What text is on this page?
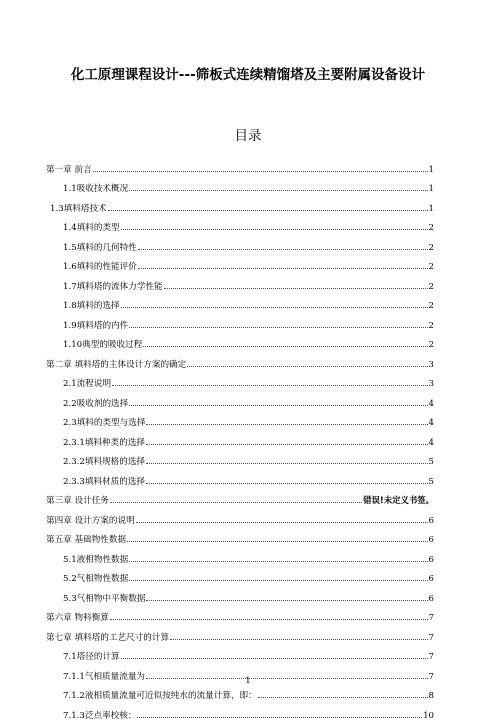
化工原理课程设计---筛板式连续精馏塔及主要附属设备设计
目录
第一章 前言	1
1.1吸收技术概况	1
1.3填料塔技术	1
1.4填料的类型	2
1.5填料的几何特性	2
1.6填料的性能评价	2
1.7填料塔的流体力学性能	2
1.8填料的选择	2
1.9填料塔的内件	2
1.10典型的吸收过程	2
第二章 填料塔的主体设计方案的确定	3
2.1流程说明	3
2.2吸收剂的选择	4
2.3填料的类型与选择	4
2.3.1填料种类的选择	4
2.3.2填料规格的选择	5
2.3.3填料材质的选择	5
第三章 设计任务	错误!未定义书签。
第四章 设计方案的说明	6
第五章 基础物性数据	6
5.1液相物性数据	6
5.2气相物性数据	6
5.3气相物中平衡数据	6
第六章 物料衡算	7
第七章 填料塔的工艺尺寸的计算	7
7.1塔径的计算	7
7.1.1气相质量流量为	7
7.1.2液相质量流量可近似按纯水的流量计算，即：	8
7.1.3泛点率校核：	10
1
